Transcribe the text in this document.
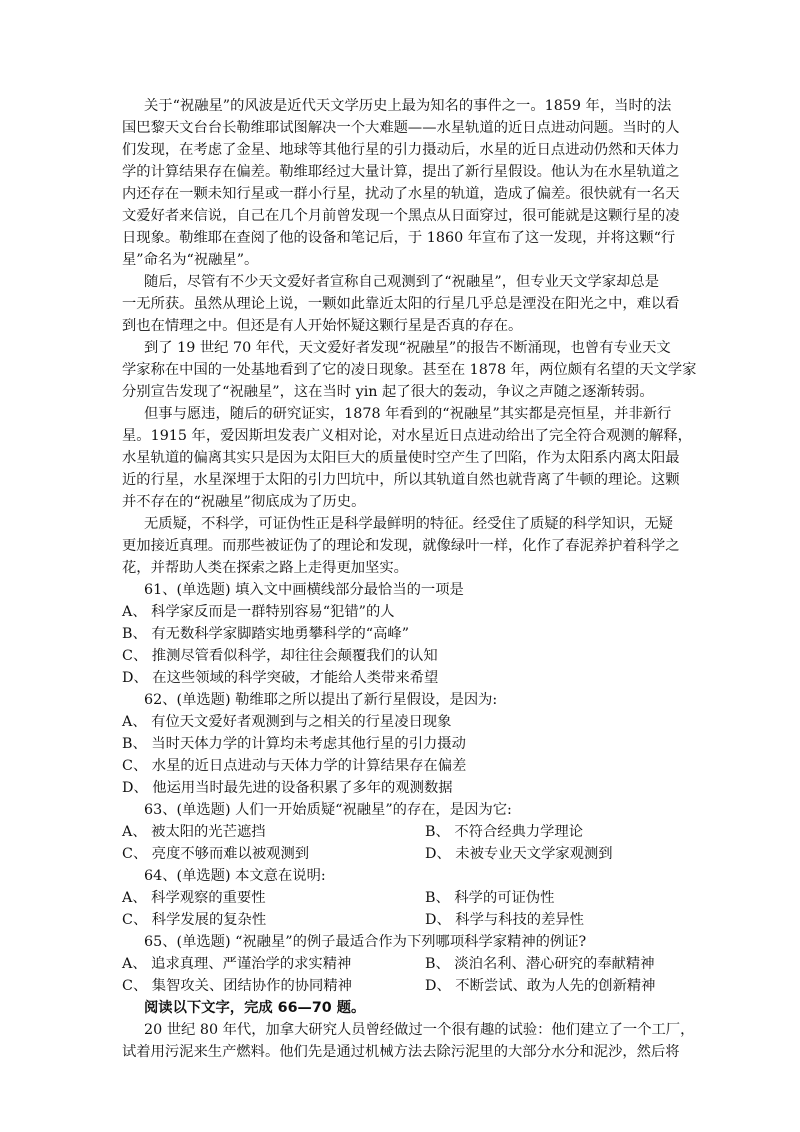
关于“祝融星”的风波是近代天文学历史上最为知名的事件之一。1859 年，当时的法
国巴黎天文台台长勒维耶试图解决一个大难题——水星轨道的近日点进动问题。当时的人
们发现，在考虑了金星、地球等其他行星的引力摄动后，水星的近日点进动仍然和天体力
学的计算结果存在偏差。勒维耶经过大量计算，提出了新行星假设。他认为在水星轨道之
内还存在一颗未知行星或一群小行星，扰动了水星的轨道，造成了偏差。很快就有一名天
文爱好者来信说，自己在几个月前曾发现一个黑点从日面穿过，很可能就是这颗行星的凌
日现象。勒维耶在查阅了他的设备和笔记后，于 1860 年宣布了这一发现，并将这颗“行
星”命名为“祝融星”。
随后，尽管有不少天文爱好者宣称自己观测到了“祝融星”，但专业天文学家却总是
一无所获。虽然从理论上说，一颗如此靠近太阳的行星几乎总是湮没在阳光之中，难以看
到也在情理之中。但还是有人开始怀疑这颗行星是否真的存在。
到了 19 世纪 70 年代，天文爱好者发现“祝融星”的报告不断涌现，也曾有专业天文
学家称在中国的一处基地看到了它的凌日现象。甚至在 1878 年，两位颇有名望的天文学家
分别宣告发现了“祝融星”，这在当时 yin 起了很大的轰动，争议之声随之逐渐转弱。
但事与愿违，随后的研究证实，1878 年看到的“祝融星”其实都是亮恒星，并非新行
星。1915 年，爱因斯坦发表广义相对论，对水星近日点进动给出了完全符合观测的解释，
水星轨道的偏离其实只是因为太阳巨大的质量使时空产生了凹陷，作为太阳系内离太阳最
近的行星，水星深埋于太阳的引力凹坑中，所以其轨道自然也就背离了牛顿的理论。这颗
并不存在的“祝融星”彻底成为了历史。
无质疑，不科学，可证伪性正是科学最鲜明的特征。经受住了质疑的科学知识，无疑
更加接近真理。而那些被证伪了的理论和发现，就像绿叶一样，化作了春泥养护着科学之
花，并帮助人类在探索之路上走得更加坚实。
61、(单选题) 填入文中画横线部分最恰当的一项是
A、 科学家反而是一群特别容易“犯错”的人
B、 有无数科学家脚踏实地勇攀科学的“高峰”
C、 推测尽管看似科学，却往往会颠覆我们的认知
D、 在这些领域的科学突破，才能给人类带来希望
62、(单选题) 勒维耶之所以提出了新行星假设，是因为:
A、 有位天文爱好者观测到与之相关的行星凌日现象
B、 当时天体力学的计算均未考虑其他行星的引力摄动
C、 水星的近日点进动与天体力学的计算结果存在偏差
D、 他运用当时最先进的设备积累了多年的观测数据
63、(单选题) 人们一开始质疑“祝融星”的存在，是因为它:
A、 被太阳的光芒遮挡	B、 不符合经典力学理论
C、 亮度不够而难以被观测到	D、 未被专业天文学家观测到
64、(单选题) 本文意在说明:
A、 科学观察的重要性	B、 科学的可证伪性
C、 科学发展的复杂性	D、 科学与科技的差异性
65、(单选题) “祝融星”的例子最适合作为下列哪项科学家精神的例证?
A、 追求真理、严谨治学的求实精神	B、 淡泊名利、潜心研究的奉献精神
C、 集智攻关、团结协作的协同精神	D、 不断尝试、敢为人先的创新精神
阅读以下文字，完成 66—70 题。
20 世纪 80 年代，加拿大研究人员曾经做过一个很有趣的试验：他们建立了一个工厂，
试着用污泥来生产燃料。他们先是通过机械方法去除污泥里的大部分水分和泥沙，然后将
